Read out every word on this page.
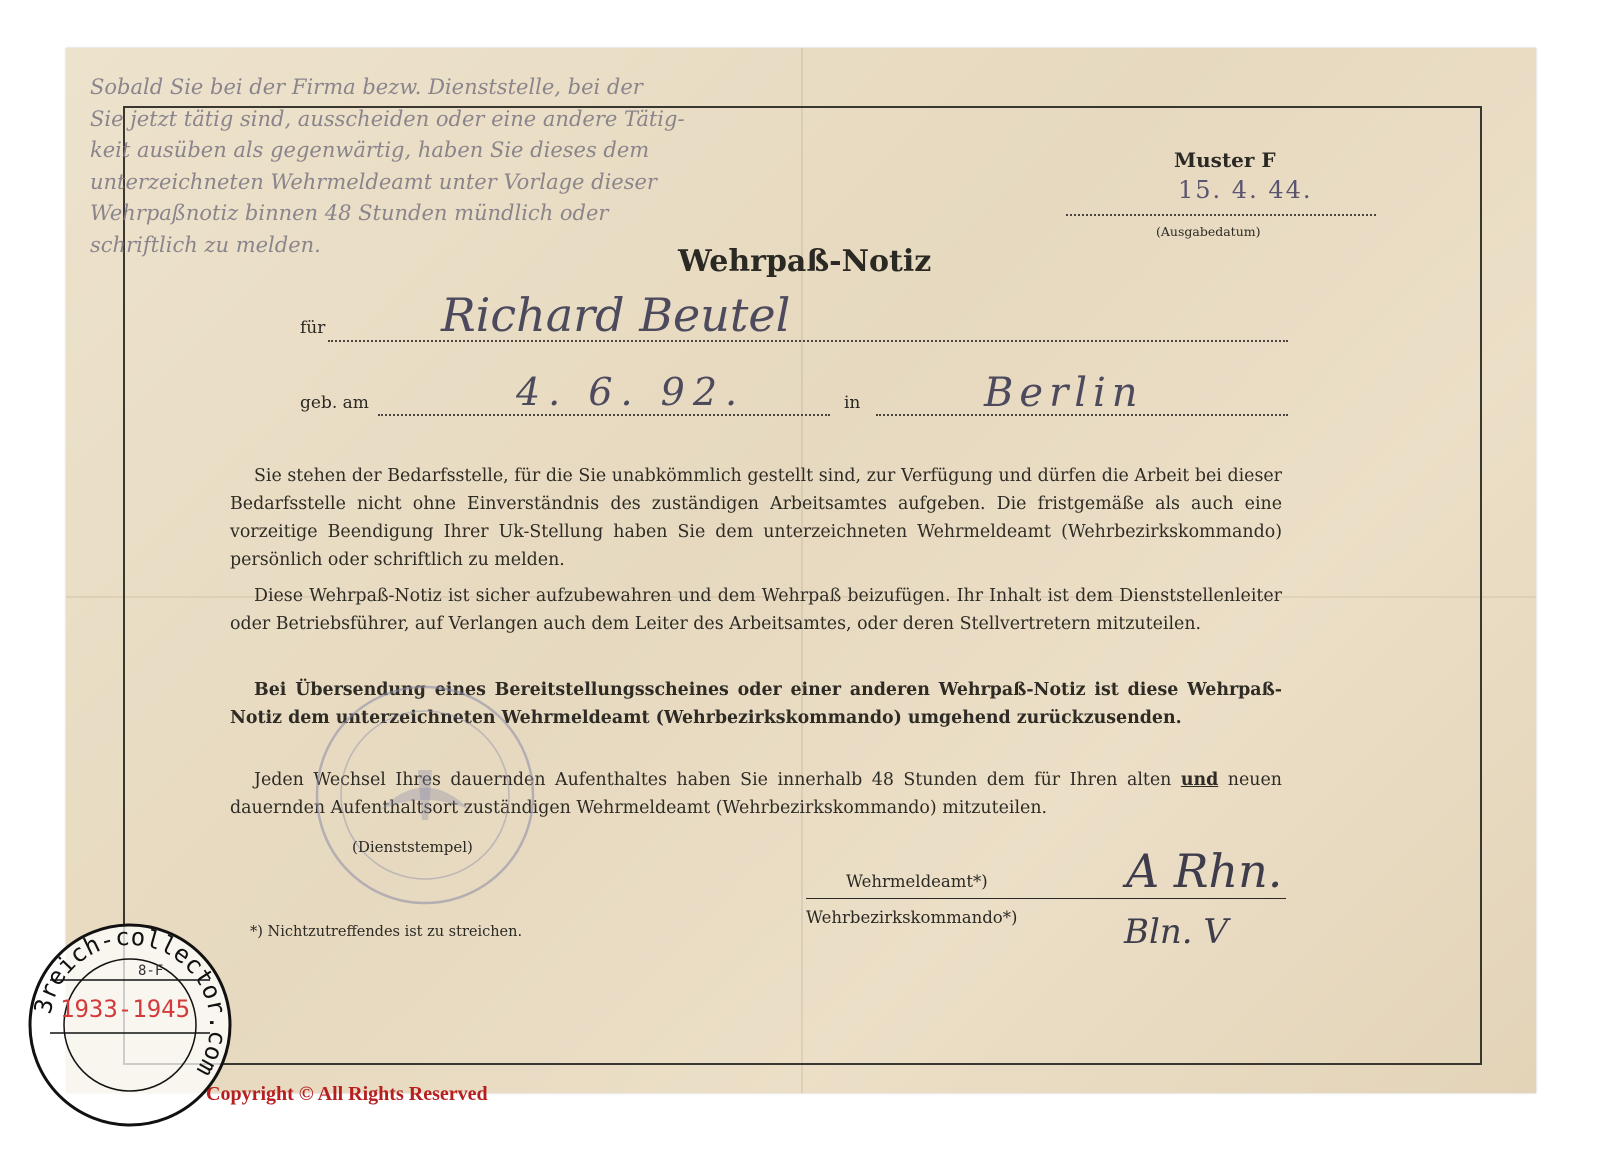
Sobald Sie bei der Firma bezw. Dienststelle, bei der
Sie jetzt tätig sind, ausscheiden oder eine andere Tätig-
keit ausüben als gegenwärtig, haben Sie dieses dem
unterzeichneten Wehrmeldeamt unter Vorlage dieser
Wehrpaßnotiz binnen 48 Stunden mündlich oder
schriftlich zu melden.
Muster F
15. 4. 44.
(Ausgabedatum)
Wehrpaß-Notiz
für	Richard Beutel
geb. am	4. 6. 92.	in	Berlin
Sie stehen der Bedarfsstelle, für die Sie unabkömmlich gestellt sind, zur Verfügung und dürfen die Arbeit bei dieser Bedarfsstelle nicht ohne Einverständnis des zuständigen Arbeitsamtes aufgeben. Die fristgemäße als auch eine vorzeitige Beendigung Ihrer Uk-Stellung haben Sie dem unterzeichneten Wehrmeldeamt (Wehrbezirkskommando) persönlich oder schriftlich zu melden.
Diese Wehrpaß-Notiz ist sicher aufzubewahren und dem Wehrpaß beizufügen. Ihr Inhalt ist dem Dienststellenleiter oder Betriebsführer, auf Verlangen auch dem Leiter des Arbeitsamtes, oder deren Stellvertretern mitzuteilen.
Bei Übersendung eines Bereitstellungsscheines oder einer anderen Wehrpaß-Notiz ist diese Wehrpaß-Notiz dem unterzeichneten Wehrmeldeamt (Wehrbezirkskommando) umgehend zurückzusenden.
Jeden Wechsel Ihres dauernden Aufenthaltes haben Sie innerhalb 48 Stunden dem für Ihren alten und neuen dauernden Aufenthaltsort zuständigen Wehrmeldeamt (Wehrbezirkskommando) mitzuteilen.
(Dienststempel)
Wehrmeldeamt*)
Wehrbezirkskommando*)
A Rhn.
Bln. V
*) Nichtzutreffendes ist zu streichen.
3reich-collector.com
8-F
1933-1945
Copyright © All Rights Reserved
